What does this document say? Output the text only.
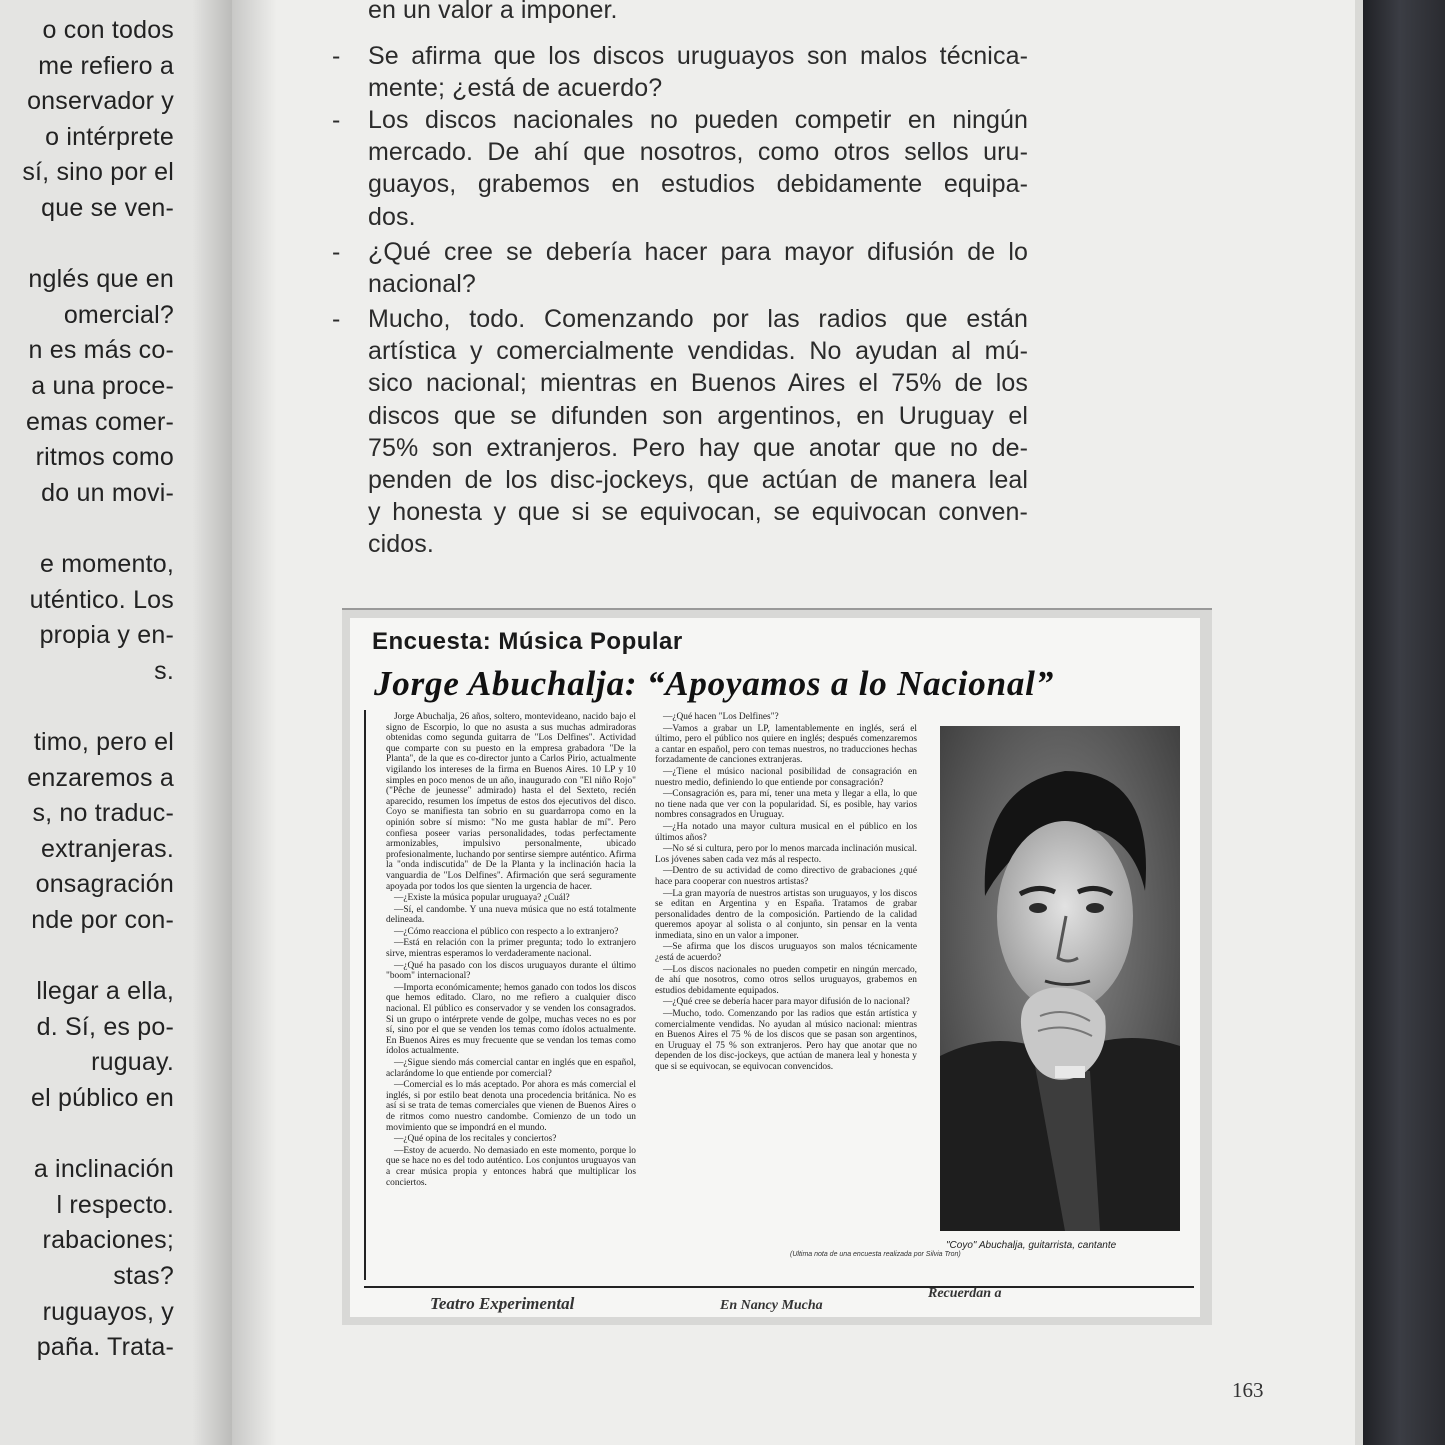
o con todos
me refiero a
onservador y
o intérprete
sí, sino por el
que se ven-
nglés que en
omercial?
n es más co-
a una proce-
emas comer-
ritmos como
do un movi-
e momento,
uténtico. Los
propia y en-
s.
timo, pero el
enzaremos a
s, no traduc-
extranjeras.
onsagración
nde por con-
llegar a ella,
d. Sí, es po-
ruguay.
el público en
a inclinación
l respecto.
rabaciones;
stas?
ruguayos, y
paña. Trata-
en un valor a imponer.
- Se afirma que los discos uruguayos son malos técnica-
mente; ¿está de acuerdo?
- Los discos nacionales no pueden competir en ningún
mercado. De ahí que nosotros, como otros sellos uru-
guayos, grabemos en estudios debidamente equipa-
dos.
- ¿Qué cree se debería hacer para mayor difusión de lo
nacional?
- Mucho, todo. Comenzando por las radios que están
artística y comercialmente vendidas. No ayudan al mú-
sico nacional; mientras en Buenos Aires el 75% de los
discos que se difunden son argentinos, en Uruguay el
75% son extranjeros. Pero hay que anotar que no de-
penden de los disc-jockeys, que actúan de manera leal
y honesta y que si se equivocan, se equivocan conven-
cidos.
Encuesta: Música Popular
Jorge Abuchalja: “Apoyamos a lo Nacional”

Jorge Abuchalja, 26 años, soltero, montevideano, nacido bajo el signo de Escorpio, lo que no asusta a sus muchas admiradoras obtenidas como segunda guitarra de "Los Delfines". Actividad que comparte con su puesto en la empresa grabadora "De la Planta", de la que es co-director junto a Carlos Pirio, actualmente vigilando los intereses de la firma en Buenos Aires. 10 LP y 10 simples en poco menos de un año, inaugurado con "El niño Rojo" ("Pêche de jeunesse" admirado) hasta el del Sexteto, recién aparecido, resumen los ímpetus de estos dos ejecutivos del disco. Coyo se manifiesta tan sobrio en su guardarropa como en la opinión sobre sí mismo: "No me gusta hablar de mí". Pero confiesa poseer varias personalidades, todas perfectamente armonizables, impulsivo personalmente, ubicado profesionalmente, luchando por sentirse siempre auténtico. Afirma la "onda indiscutida" de De la Planta y la inclinación hacia la vanguardia de "Los Delfines". Afirmación que será seguramente apoyada por todos los que sienten la urgencia de hacer.

—¿Existe la música popular uruguaya? ¿Cuál?

—Sí, el candombe. Y una nueva música que no está totalmente delineada.

—¿Cómo reacciona el público con respecto a lo extranjero?

—Está en relación con la primer pregunta; todo lo extranjero sirve, mientras esperamos lo verdaderamente nacional.

—¿Qué ha pasado con los discos uruguayos durante el último "boom" internacional?

—Importa económicamente; hemos ganado con todos los discos que hemos editado. Claro, no me refiero a cualquier disco nacional. El público es conservador y se venden los consagrados. Si un grupo o intérprete vende de golpe, muchas veces no es por sí, sino por el que se venden los temas como ídolos actualmente. En Buenos Aires es muy frecuente que se vendan los temas como ídolos actualmente.

—¿Sigue siendo más comercial cantar en inglés que en español, aclarándome lo que entiende por comercial?

—Comercial es lo más aceptado. Por ahora es más comercial el inglés, si por estilo beat denota una procedencia británica. No es así si se trata de temas comerciales que vienen de Buenos Aires o de ritmos como nuestro candombe. Comienzo de un todo un movimiento que se impondrá en el mundo.

—¿Qué opina de los recitales y conciertos?

—Estoy de acuerdo. No demasiado en este momento, porque lo que se hace no es del todo auténtico. Los conjuntos uruguayos van a crear música propia y entonces habrá que multiplicar los conciertos.

—¿Qué hacen "Los Delfines"?

—Vamos a grabar un LP, lamentablemente en inglés, será el último, pero el público nos quiere en inglés; después comenzaremos a cantar en español, pero con temas nuestros, no traducciones hechas forzadamente de canciones extranjeras.

—¿Tiene el músico nacional posibilidad de consagración en nuestro medio, definiendo lo que entiende por consagración?

—Consagración es, para mí, tener una meta y llegar a ella, lo que no tiene nada que ver con la popularidad. Sí, es posible, hay varios nombres consagrados en Uruguay.

—¿Ha notado una mayor cultura musical en el público en los últimos años?

—No sé si cultura, pero por lo menos marcada inclinación musical. Los jóvenes saben cada vez más al respecto.

—Dentro de su actividad de como directivo de grabaciones ¿qué hace para cooperar con nuestros artistas?

—La gran mayoría de nuestros artistas son uruguayos, y los discos se editan en Argentina y en España. Tratamos de grabar personalidades dentro de la composición. Partiendo de la calidad queremos apoyar al solista o al conjunto, sin pensar en la venta inmediata, sino en un valor a imponer.

—Se afirma que los discos uruguayos son malos técnicamente ¿está de acuerdo?

—Los discos nacionales no pueden competir en ningún mercado, de ahí que nosotros, como otros sellos uruguayos, grabemos en estudios debidamente equipados.

—¿Qué cree se debería hacer para mayor difusión de lo nacional?

—Mucho, todo. Comenzando por las radios que están artística y comercialmente vendidas. No ayudan al músico nacional: mientras en Buenos Aires el 75 % de los discos que se pasan son argentinos, en Uruguay el 75 % son extranjeros. Pero hay que anotar que no dependen de los disc-jockeys, que actúan de manera leal y honesta y que si se equivocan, se equivocan convencidos.

(Ultima nota de una encuesta realizada por Silvia Tron)
"Coyo" Abuchalja, guitarrista, cantante
Teatro Experimental	En Nancy Mucha
Recuerdan a
163
